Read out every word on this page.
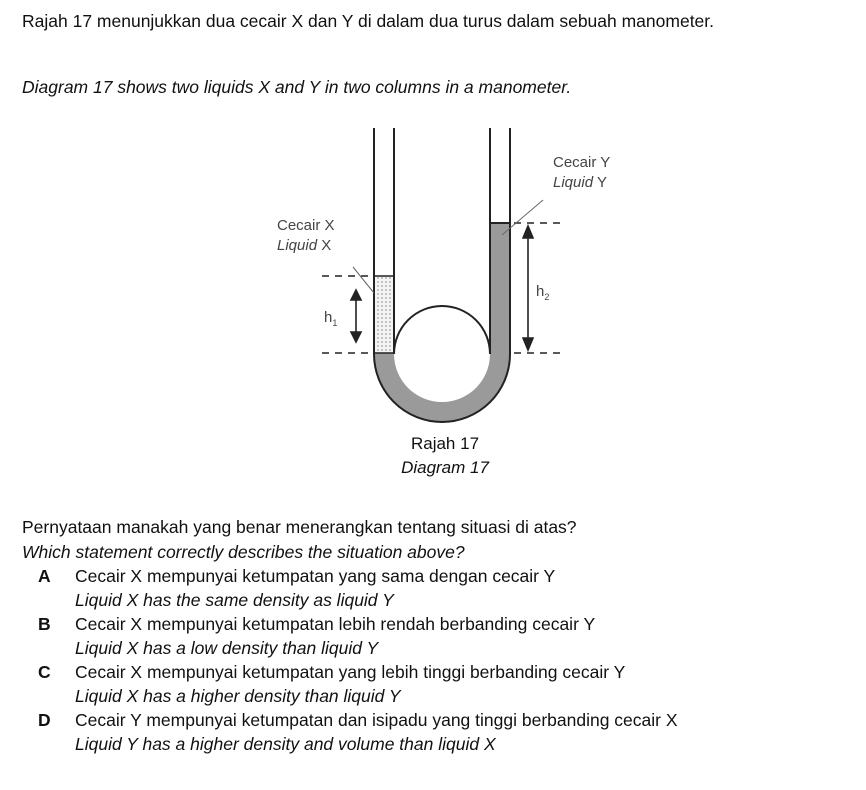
Rajah 17 menunjukkan dua cecair X dan Y di dalam dua turus dalam sebuah manometer.

Diagram 17 shows two liquids X and Y in two columns in a manometer.

Cecair Y
Liquid Y
Cecair X
Liquid X
$h_1$
$h_2$
Rajah 17
Diagram 17

Pernyataan manakah yang benar menerangkan tentang situasi di atas?

Which statement correctly describes the situation above?

A Cecair X mempunyai ketumpatan yang sama dengan cecair Y
Liquid X has the same density as liquid Y
B Cecair X mempunyai ketumpatan lebih rendah berbanding cecair Y
Liquid X has a low density than liquid Y
C Cecair X mempunyai ketumpatan yang lebih tinggi berbanding cecair Y
Liquid X has a higher density than liquid Y
D Cecair Y mempunyai ketumpatan dan isipadu yang tinggi berbanding cecair X
Liquid Y has a higher density and volume than liquid X
